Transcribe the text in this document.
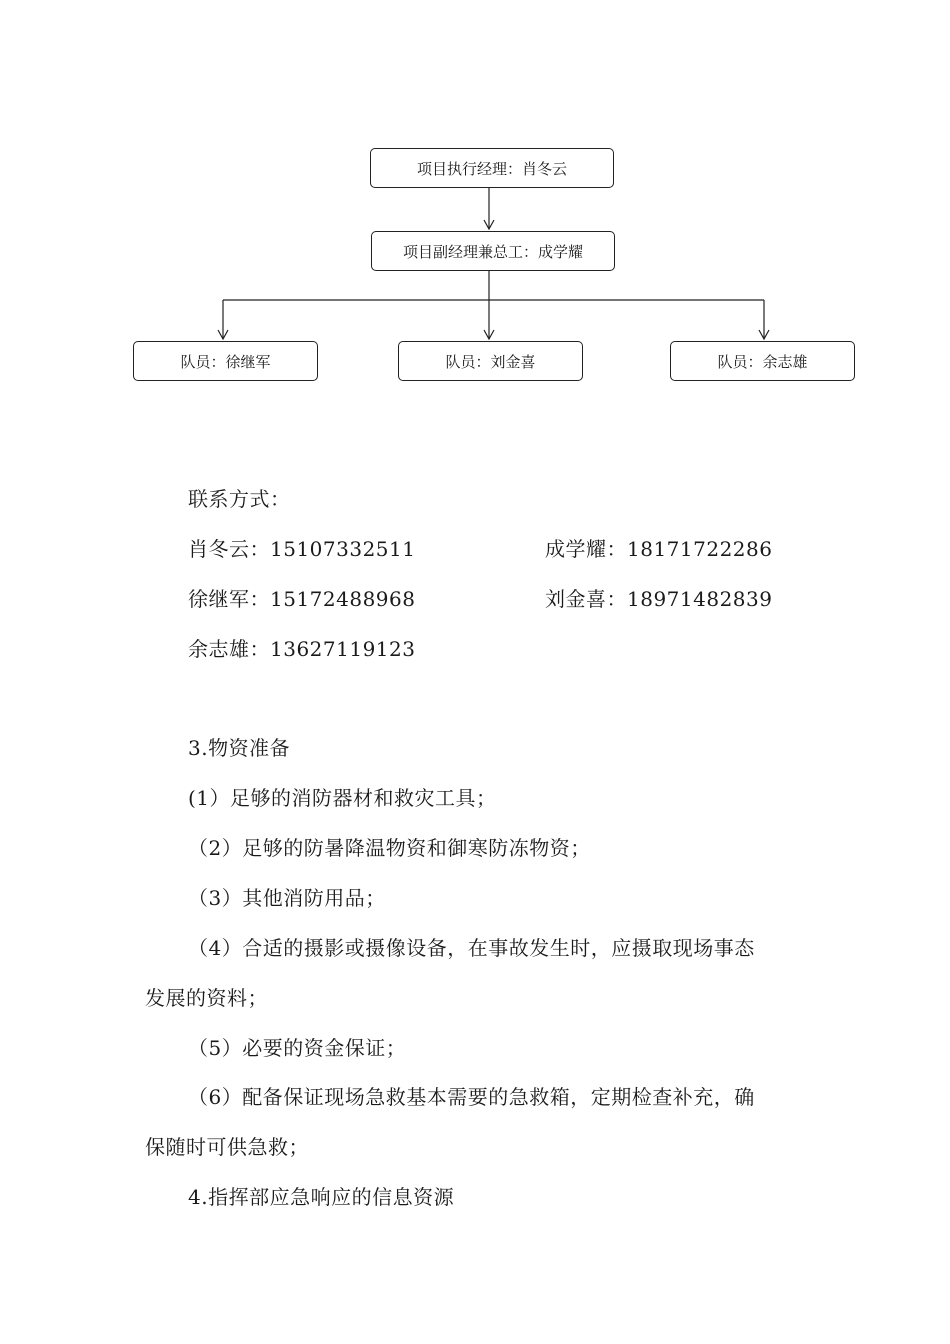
项目执行经理：肖冬云
项目副经理兼总工：成学耀
队员：徐继军	队员：刘金喜	队员：余志雄
联系方式：
肖冬云：15107332511	成学耀：18171722286
徐继军：15172488968	刘金喜：18971482839
余志雄：13627119123
3.物资准备
(1）足够的消防器材和救灾工具；
（2）足够的防暑降温物资和御寒防冻物资；
（3）其他消防用品；
（4）合适的摄影或摄像设备，在事故发生时，应摄取现场事态
发展的资料；
（5）必要的资金保证；
（6）配备保证现场急救基本需要的急救箱，定期检查补充，确
保随时可供急救；
4.指挥部应急响应的信息资源
